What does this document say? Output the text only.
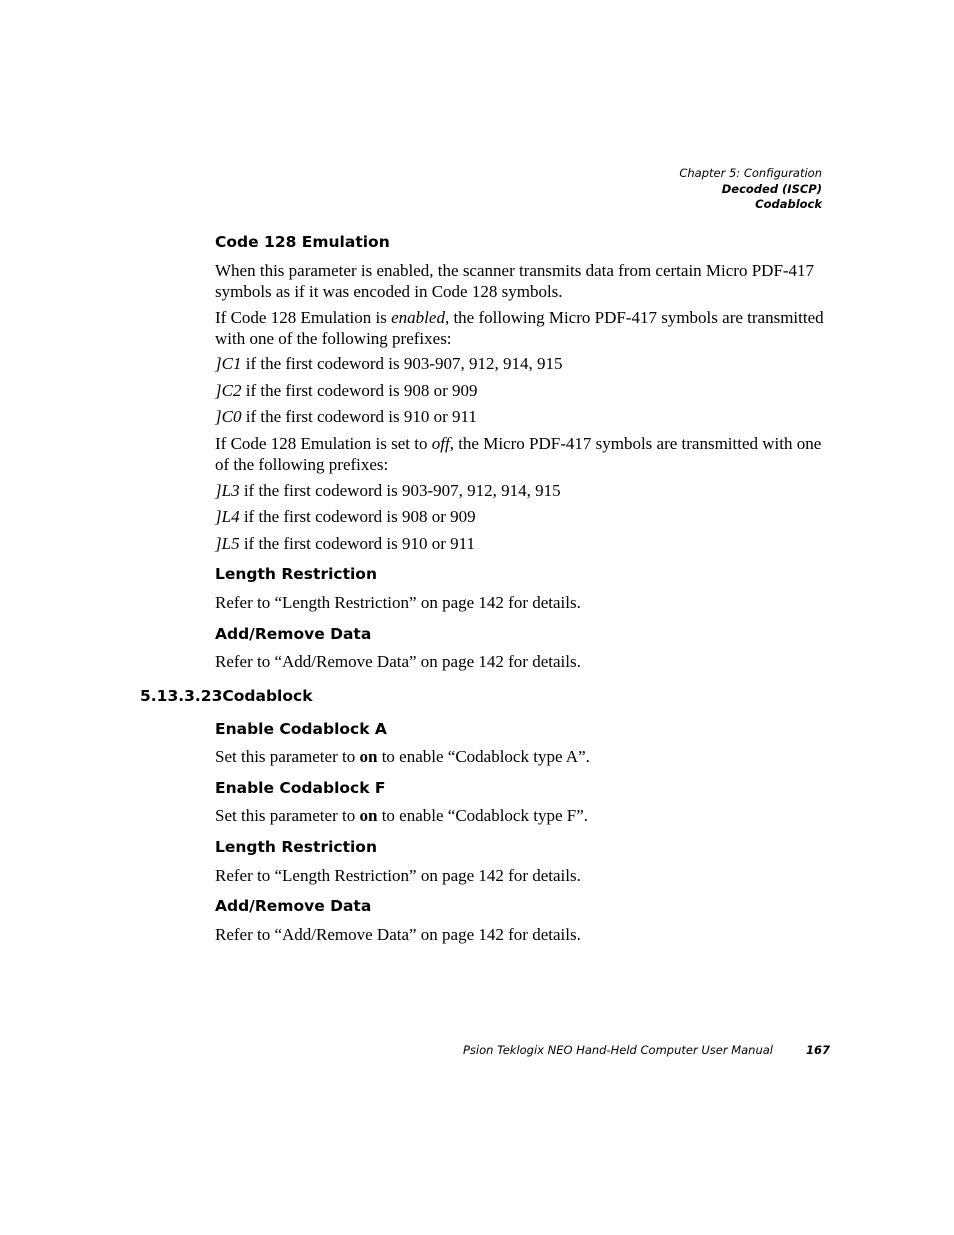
Chapter 5: Configuration
Decoded (ISCP)
Codablock
Code 128 Emulation
When this parameter is enabled, the scanner transmits data from certain Micro PDF-417 symbols as if it was encoded in Code 128 symbols.
If Code 128 Emulation is enabled, the following Micro PDF-417 symbols are transmitted with one of the following prefixes:
]C1 if the first codeword is 903-907, 912, 914, 915
]C2 if the first codeword is 908 or 909
]C0 if the first codeword is 910 or 911
If Code 128 Emulation is set to off, the Micro PDF-417 symbols are transmitted with one of the following prefixes:
]L3 if the first codeword is 903-907, 912, 914, 915
]L4 if the first codeword is 908 or 909
]L5 if the first codeword is 910 or 911
Length Restriction
Refer to “Length Restriction” on page 142 for details.
Add/Remove Data
Refer to “Add/Remove Data” on page 142 for details.
5.13.3.23Codablock
Enable Codablock A
Set this parameter to on to enable “Codablock type A”.
Enable Codablock F
Set this parameter to on to enable “Codablock type F”.
Length Restriction
Refer to “Length Restriction” on page 142 for details.
Add/Remove Data
Refer to “Add/Remove Data” on page 142 for details.
Psion Teklogix NEO Hand-Held Computer User Manual	167
